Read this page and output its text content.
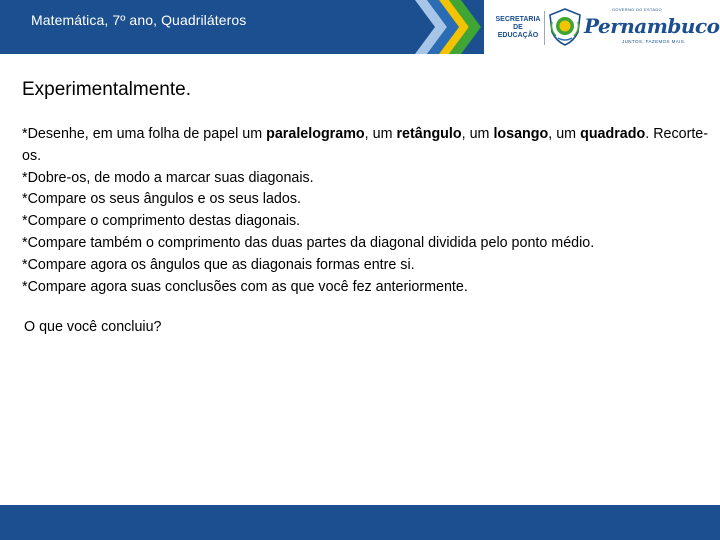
Matemática, 7º ano, Quadriláteros	SECRETARIA
DE EDUCAÇÃO
GOVERNO DO ESTADO
Pernambuco
JUNTOS, FAZEMOS MAIS.
Experimentalmente.

*Desenhe, em uma folha de papel um paralelogramo, um retângulo, um losango, um quadrado. Recorte-os.

*Dobre-os, de modo a marcar suas diagonais.

*Compare os seus ângulos e os seus lados.

*Compare o comprimento destas diagonais.

*Compare também o comprimento das duas partes da diagonal dividida pelo ponto médio.

*Compare agora os ângulos que as diagonais formas entre si.

*Compare agora suas conclusões com as que você fez anteriormente.

O que você concluiu?
